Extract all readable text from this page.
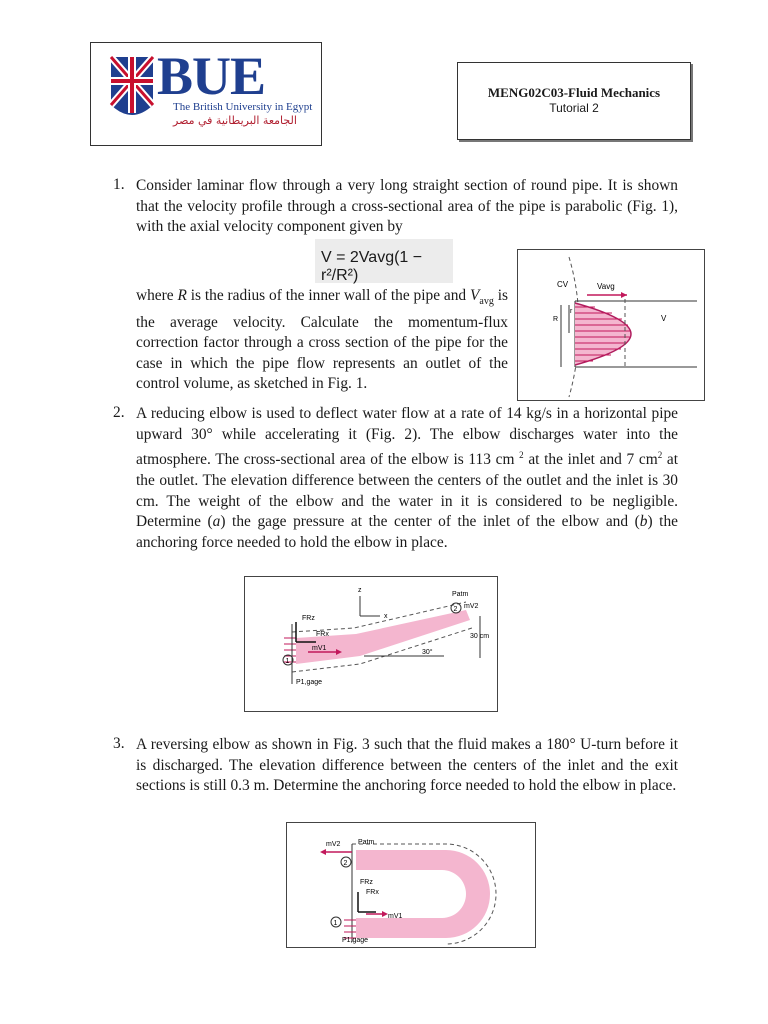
BUE
The British University in Egypt
الجامعة البريطانية في مصر
MENG02C03-Fluid Mechanics
Tutorial 2
1. Consider laminar flow through a very long straight section of round pipe. It is shown that the velocity profile through a cross-sectional area of the pipe is parabolic (Fig. 1), with the axial velocity component given by
V = 2Vavg(1 − r²/R²)
where R is the radius of the inner wall of the pipe and $V_{avg}$ is the average velocity. Calculate the momentum-flux correction factor through a cross section of the pipe for the case in which the pipe flow represents an outlet of the control volume, as sketched in Fig. 1.
CV	Vavg
r
R	V
2. A reducing elbow is used to deflect water flow at a rate of 14 kg/s in a horizontal pipe upward 30° while accelerating it (Fig. 2). The elbow discharges water into the atmosphere. The cross-sectional area of the elbow is 113 cm $^2$ at the inlet and 7 $cm^2$ at the outlet. The elevation difference between the centers of the outlet and the inlet is 30 cm. The weight of the elbow and the water in it is considered to be negligible. Determine (a) the gage pressure at the center of the inlet of the elbow and (b) the anchoring force needed to hold the elbow in place.
z
x
Patm
mV2
FRz
FRx
mV1
30°
30 cm
P1,gage
1
2
3. A reversing elbow as shown in Fig. 3 such that the fluid makes a 180° U-turn before it is discharged. The elevation difference between the centers of the inlet and the exit sections is still 0.3 m. Determine the anchoring force needed to hold the elbow in place.
mV2	Patm
FRz
FRx
mV1
P1,gage
1
2
